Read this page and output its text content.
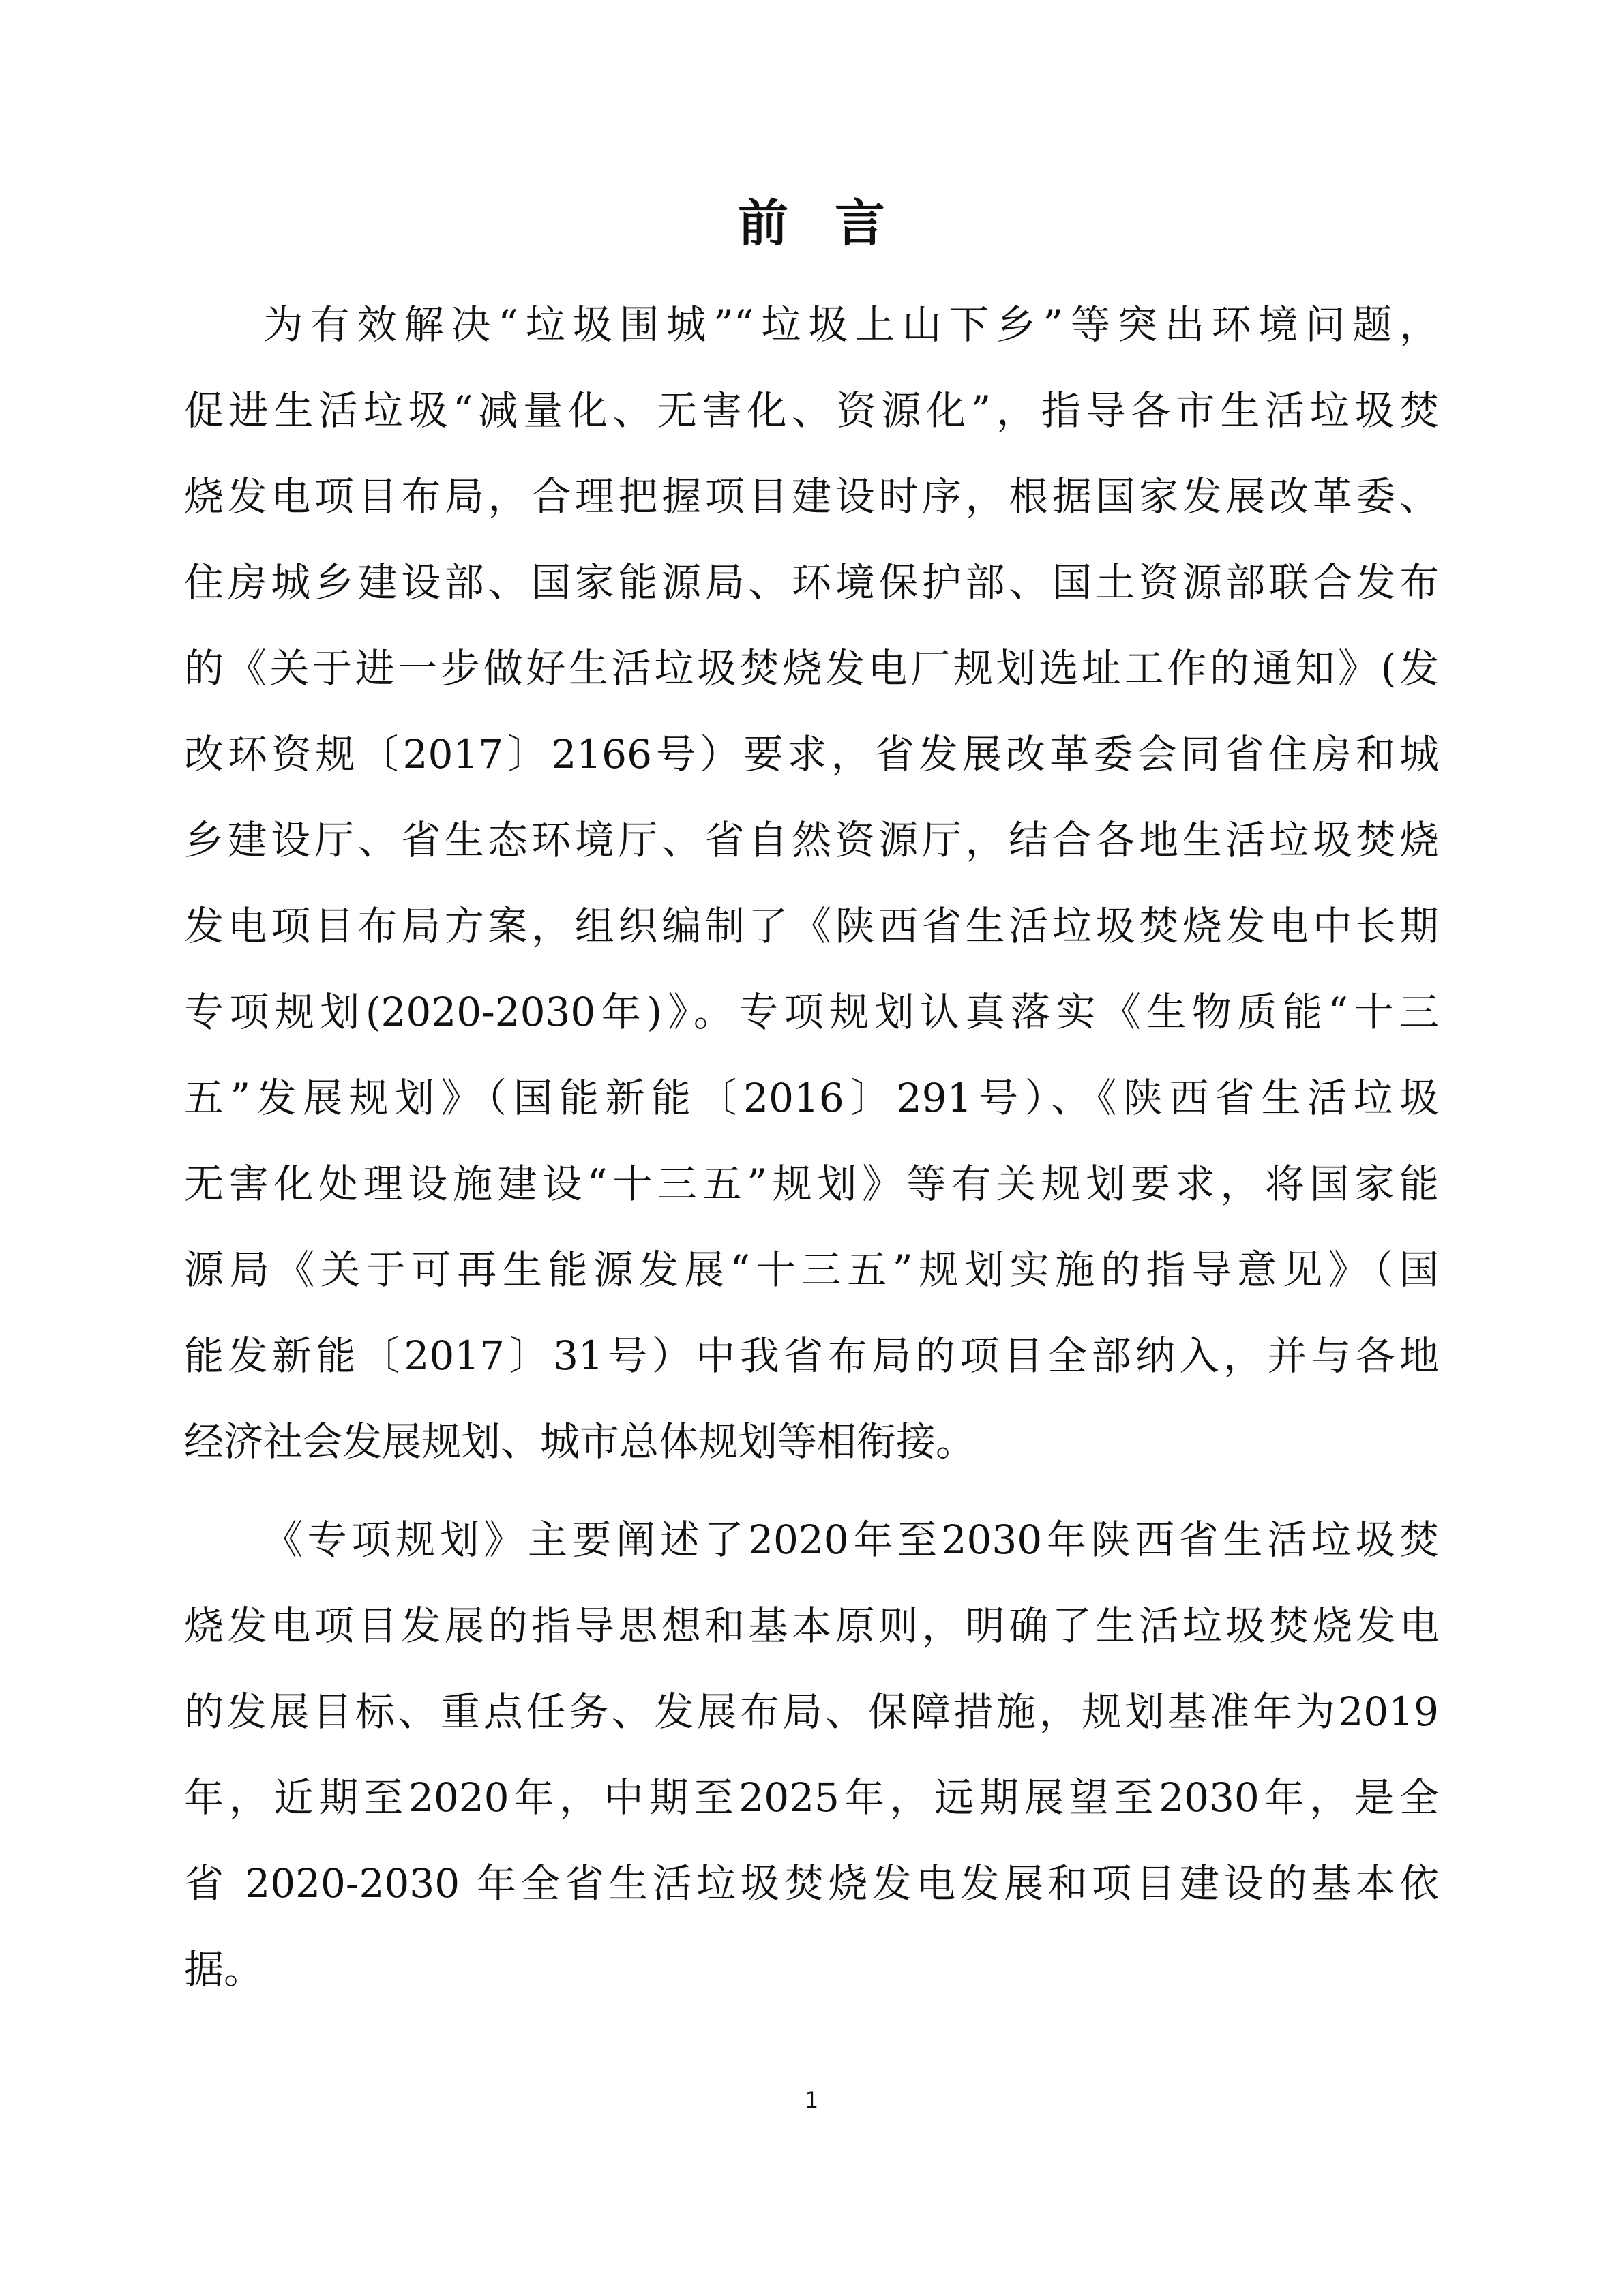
前言

为有效解决“垃圾围城”“垃圾上山下乡”等突出环境问题，

促进生活垃圾“减量化、无害化、资源化”，指导各市生活垃圾焚

烧发电项目布局，合理把握项目建设时序，根据国家发展改革委、

住房城乡建设部、国家能源局、环境保护部、国土资源部联合发布

的《关于进一步做好生活垃圾焚烧发电厂规划选址工作的通知》(发

改环资规〔2017〕2166号）要求，省发展改革委会同省住房和城

乡建设厅、省生态环境厅、省自然资源厅，结合各地生活垃圾焚烧

发电项目布局方案，组织编制了《陕西省生活垃圾焚烧发电中长期

专项规划(2020-2030年)》。专项规划认真落实《生物质能“十三

五”发展规划》（国能新能〔2016〕291号）、《陕西省生活垃圾

无害化处理设施建设“十三五”规划》等有关规划要求，将国家能

源局《关于可再生能源发展“十三五”规划实施的指导意见》（国

能发新能〔2017〕31号）中我省布局的项目全部纳入，并与各地

经济社会发展规划、城市总体规划等相衔接。

《专项规划》主要阐述了2020年至2030年陕西省生活垃圾焚

烧发电项目发展的指导思想和基本原则，明确了生活垃圾焚烧发电

的发展目标、重点任务、发展布局、保障措施，规划基准年为2019

年，近期至2020年，中期至2025年，远期展望至2030年，是全

省 2020-2030 年全省生活垃圾焚烧发电发展和项目建设的基本依

据。

1
